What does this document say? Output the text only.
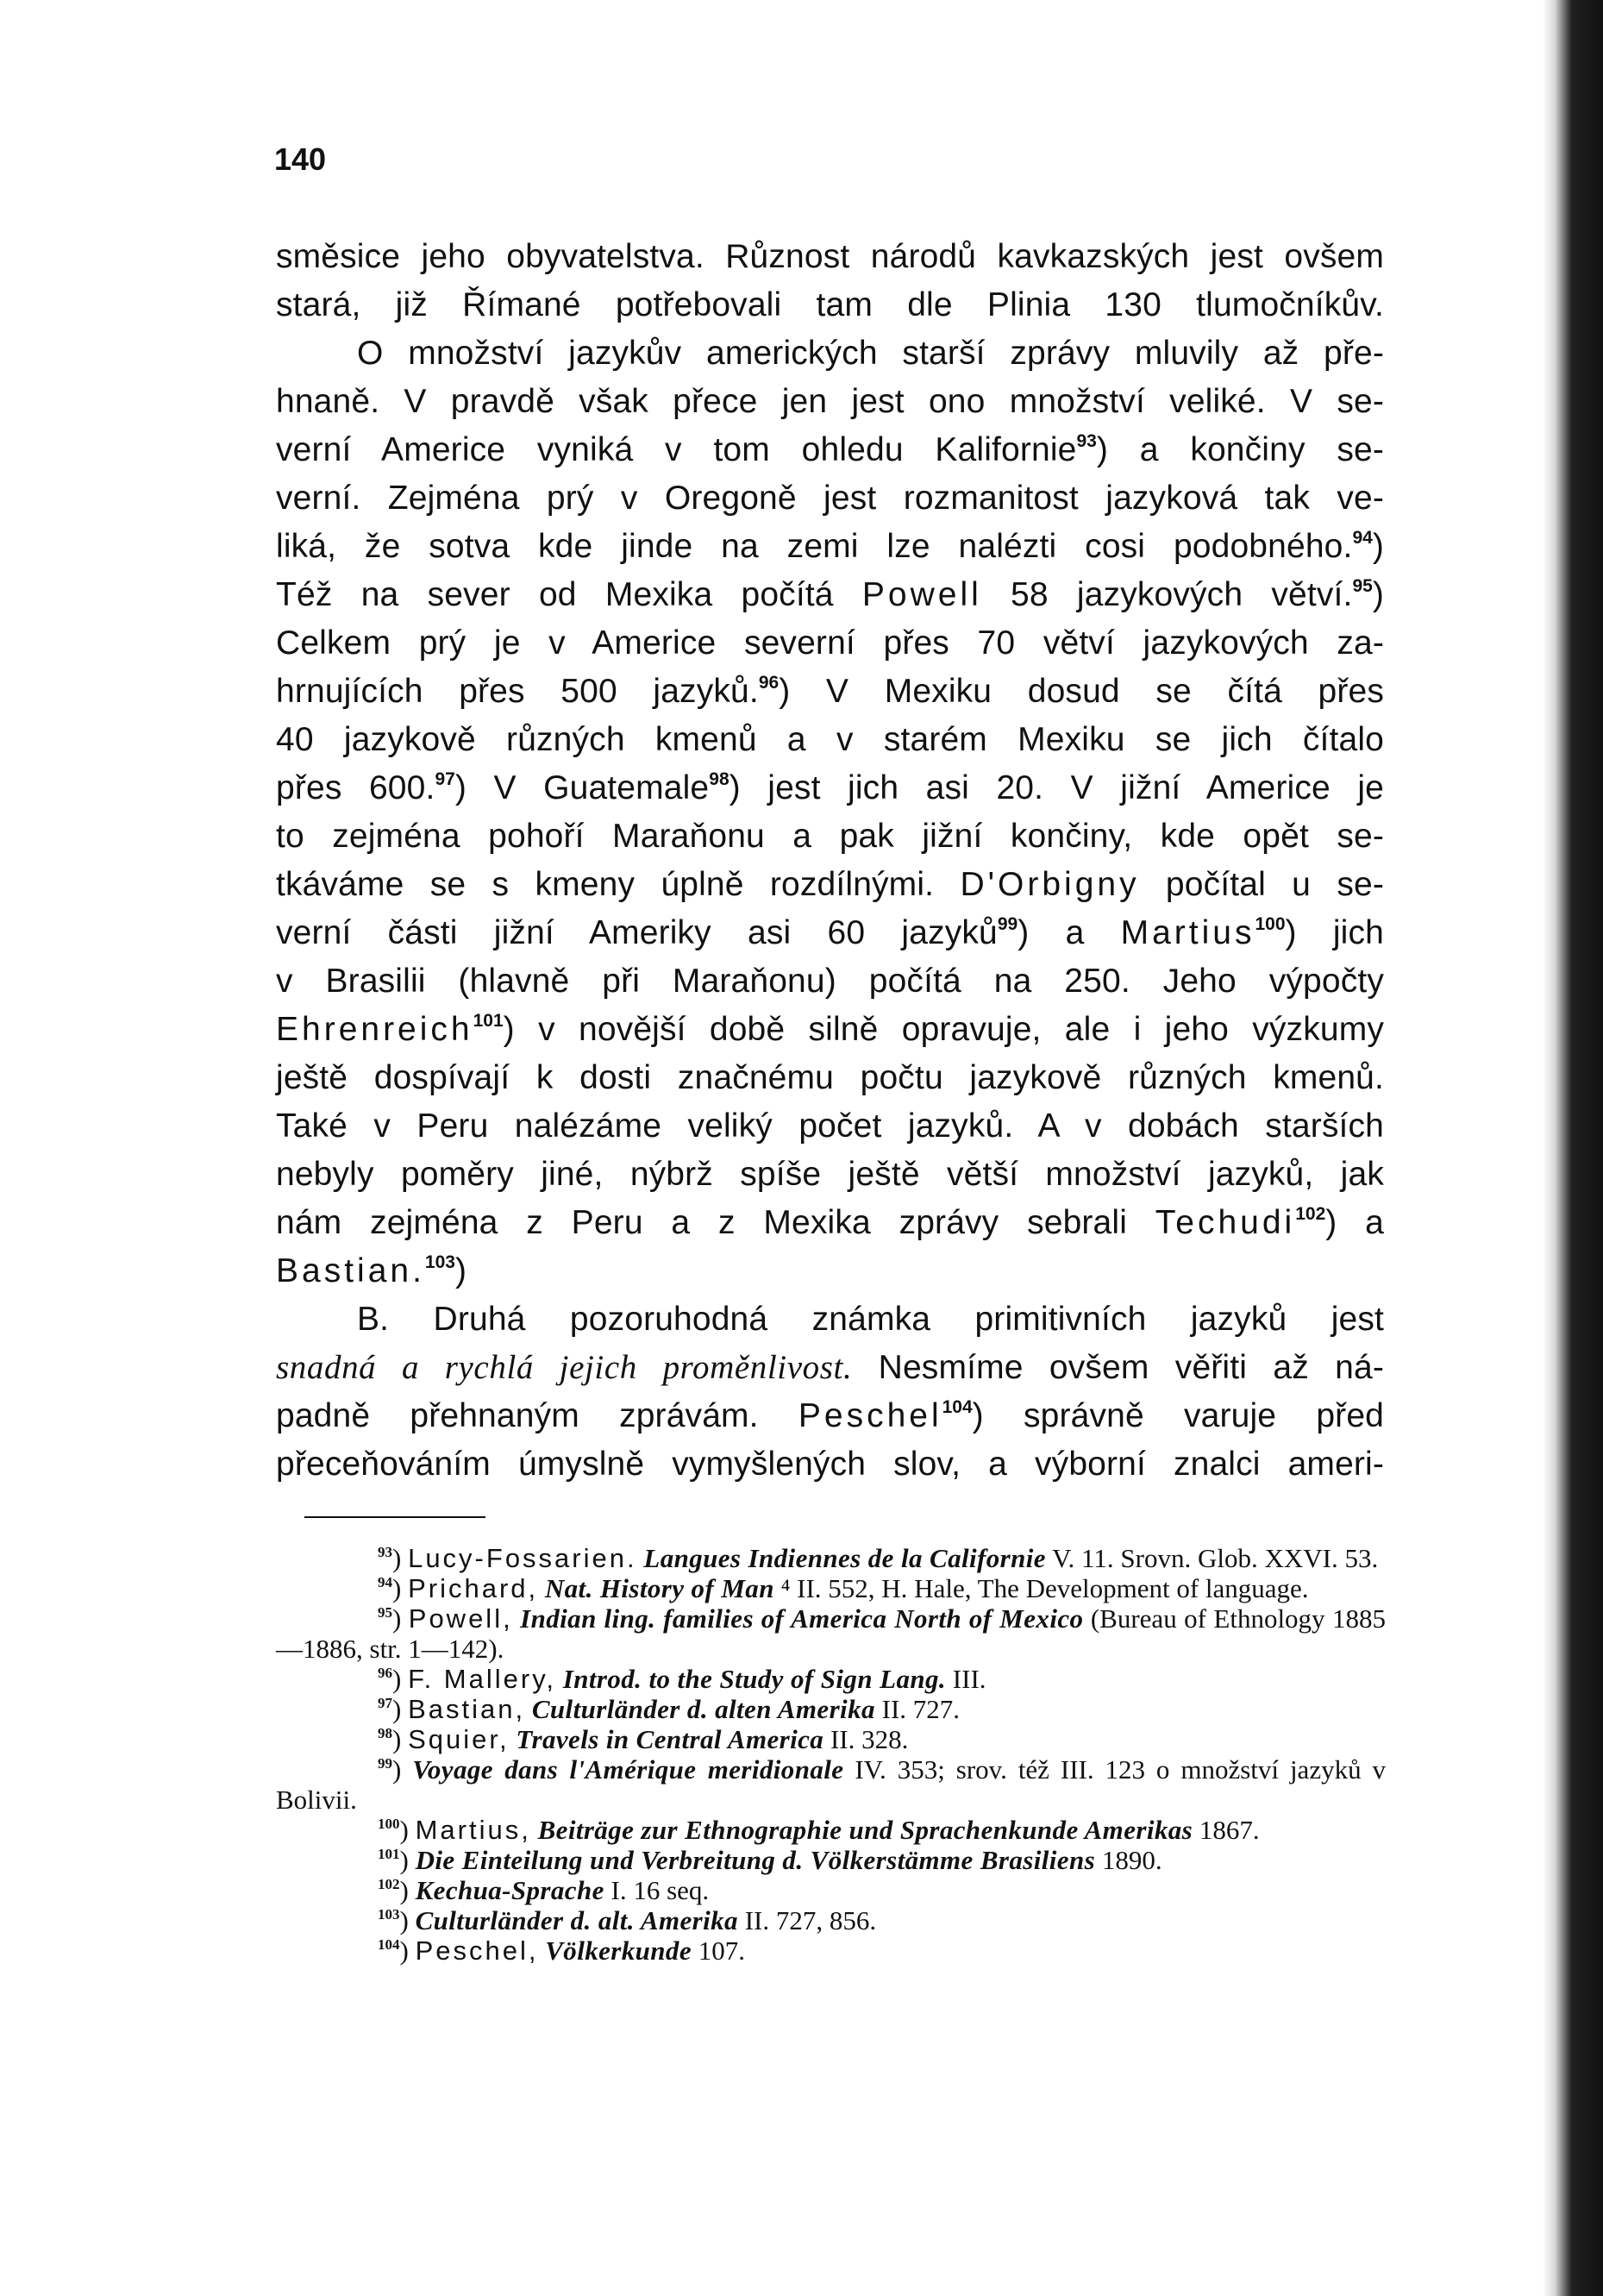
140
směsice jeho obyvatelstva. Různost národů kavkazských jest ovšem
stará, již Římané potřebovali tam dle Plinia 130 tlumočníkův.
O množství jazykův amerických starší zprávy mluvily až pře-
hnaně. V pravdě však přece jen jest ono množství veliké. V se-
verní Americe vyniká v tom ohledu Kalifornie$^{93}$) a končiny se-
verní. Zejména prý v Oregoně jest rozmanitost jazyková tak ve-
liká, že sotva kde jinde na zemi lze nalézti cosi podobného.$^{94}$)
Též na sever od Mexika počítá Powell 58 jazykových větví.$^{95}$)
Celkem prý je v Americe severní přes 70 větví jazykových za-
hrnujících přes 500 jazyků.$^{96}$) V Mexiku dosud se čítá přes
40 jazykově různých kmenů a v starém Mexiku se jich čítalo
přes 600.97) V Guatemale$^{98}$) jest jich asi 20. V jižní Americe je
to zejména pohoří Maraňonu a pak jižní končiny, kde opět se-
tkáváme se s kmeny úplně rozdílnými. D'Orbigny počítal u se-
verní části jižní Ameriky asi 60 jazyků$^{99}$) a Martius$^{100}$) jich
v Brasilii (hlavně při Maraňonu) počítá na 250. Jeho výpočty
Ehrenreich$^{101}$) v novější době silně opravuje, ale i jeho výzkumy
ještě dospívají k dosti značnému počtu jazykově různých kmenů.
Také v Peru nalézáme veliký počet jazyků. A v dobách starších
nebyly poměry jiné, nýbrž spíše ještě větší množství jazyků, jak
nám zejména z Peru a z Mexika zprávy sebrali Techudi$^{102}$) a
Bastian.$^{103}$)
B. Druhá pozoruhodná známka primitivních jazyků jest
snadná a rychlá jejich proměnlivost. Nesmíme ovšem věřiti až ná-
padně přehnaným zprávám. Peschel$^{104}$) správně varuje před
přeceňováním úmyslně vymyšlených slov, a výborní znalci ameri-

$^{93}$) Lucy-Fossarien. Langues Indiennes de la Californie V. 11. Srovn. Glob. XXVI. 53.

$^{94}$) Prichard, Nat. History of Man ⁴ II. 552, H. Hale, The Development of language.

$^{95}$) Powell, Indian ling. families of America North of Mexico (Bureau of Ethnology 1885—1886, str. 1—142).

$^{96}$) F. Mallery, Introd. to the Study of Sign Lang. III.

$^{97}$) Bastian, Culturländer d. alten Amerika II. 727.

$^{98}$) Squier, Travels in Central America II. 328.

$^{99}$) Voyage dans l'Amérique meridionale IV. 353; srov. též III. 123 o množství jazyků v Bolivii.

$^{100}$) Martius, Beiträge zur Ethnographie und Sprachenkunde Amerikas 1867.

$^{101}$) Die Einteilung und Verbreitung d. Völkerstämme Brasiliens 1890.

$^{102}$) Kechua-Sprache I. 16 seq.

$^{103}$) Culturländer d. alt. Amerika II. 727, 856.

$^{104}$) Peschel, Völkerkunde 107.
